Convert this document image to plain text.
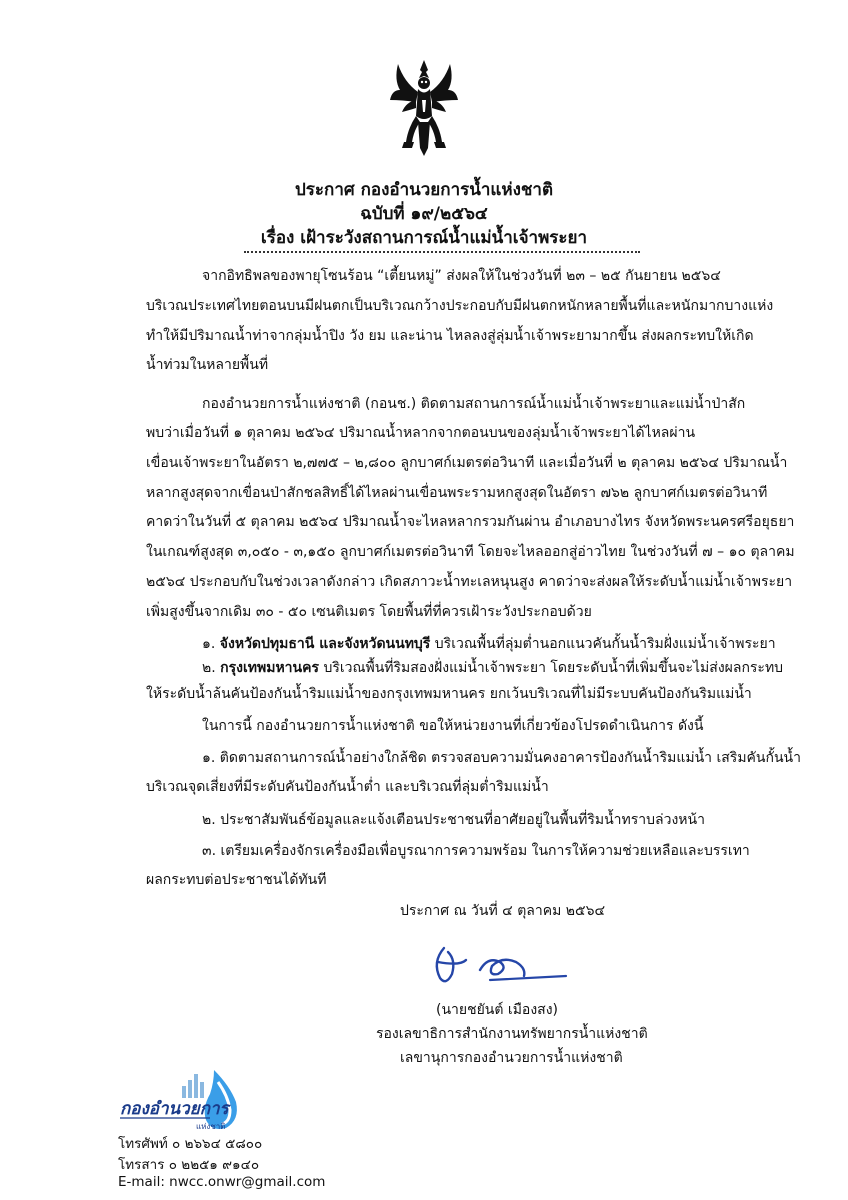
ประกาศ กองอำนวยการน้ำแห่งชาติ
ฉบับที่ ๑๙/๒๕๖๔
เรื่อง เฝ้าระวังสถานการณ์น้ำแม่น้ำเจ้าพระยา
จากอิทธิพลของพายุโซนร้อน “เตี้ยนหมู่” ส่งผลให้ในช่วงวันที่ ๒๓ – ๒๕ กันยายน ๒๕๖๔
บริเวณประเทศไทยตอนบนมีฝนตกเป็นบริเวณกว้างประกอบกับมีฝนตกหนักหลายพื้นที่และหนักมากบางแห่ง
ทำให้มีปริมาณน้ำท่าจากลุ่มน้ำปิง วัง ยม และน่าน ไหลลงสู่ลุ่มน้ำเจ้าพระยามากขึ้น ส่งผลกระทบให้เกิด
น้ำท่วมในหลายพื้นที่
กองอำนวยการน้ำแห่งชาติ (กอนช.) ติดตามสถานการณ์น้ำแม่น้ำเจ้าพระยาและแม่น้ำป่าสัก
พบว่าเมื่อวันที่ ๑ ตุลาคม ๒๕๖๔ ปริมาณน้ำหลากจากตอนบนของลุ่มน้ำเจ้าพระยาได้ไหลผ่าน
เขื่อนเจ้าพระยาในอัตรา ๒,๗๗๕ – ๒,๘๐๐ ลูกบาศก์เมตรต่อวินาที และเมื่อวันที่ ๒ ตุลาคม ๒๕๖๔ ปริมาณน้ำ
หลากสูงสุดจากเขื่อนป่าสักชลสิทธิ์ได้ไหลผ่านเขื่อนพระรามหกสูงสุดในอัตรา ๗๖๒ ลูกบาศก์เมตรต่อวินาที
คาดว่าในวันที่ ๕ ตุลาคม ๒๕๖๔ ปริมาณน้ำจะไหลหลากรวมกันผ่าน อำเภอบางไทร จังหวัดพระนครศรีอยุธยา
ในเกณฑ์สูงสุด ๓,๐๕๐ - ๓,๑๕๐ ลูกบาศก์เมตรต่อวินาที โดยจะไหลออกสู่อ่าวไทย ในช่วงวันที่ ๗ – ๑๐ ตุลาคม
๒๕๖๔ ประกอบกับในช่วงเวลาดังกล่าว เกิดสภาวะน้ำทะเลหนุนสูง คาดว่าจะส่งผลให้ระดับน้ำแม่น้ำเจ้าพระยา
เพิ่มสูงขึ้นจากเดิม ๓๐ - ๕๐ เซนติเมตร โดยพื้นที่ที่ควรเฝ้าระวังประกอบด้วย
๑. จังหวัดปทุมธานี และจังหวัดนนทบุรี บริเวณพื้นที่ลุ่มต่ำนอกแนวคันกั้นน้ำริมฝั่งแม่น้ำเจ้าพระยา
๒. กรุงเทพมหานคร บริเวณพื้นที่ริมสองฝั่งแม่น้ำเจ้าพระยา โดยระดับน้ำที่เพิ่มขึ้นจะไม่ส่งผลกระทบ
ให้ระดับน้ำล้นคันป้องกันน้ำริมแม่น้ำของกรุงเทพมหานคร ยกเว้นบริเวณที่ไม่มีระบบคันป้องกันริมแม่น้ำ
ในการนี้ กองอำนวยการน้ำแห่งชาติ ขอให้หน่วยงานที่เกี่ยวข้องโปรดดำเนินการ ดังนี้
๑. ติดตามสถานการณ์น้ำอย่างใกล้ชิด ตรวจสอบความมั่นคงอาคารป้องกันน้ำริมแม่น้ำ เสริมคันกั้นน้ำ
บริเวณจุดเสี่ยงที่มีระดับคันป้องกันน้ำต่ำ และบริเวณที่ลุ่มต่ำริมแม่น้ำ
๒. ประชาสัมพันธ์ข้อมูลและแจ้งเตือนประชาชนที่อาศัยอยู่ในพื้นที่ริมน้ำทราบล่วงหน้า
๓. เตรียมเครื่องจักรเครื่องมือเพื่อบูรณาการความพร้อม ในการให้ความช่วยเหลือและบรรเทา
ผลกระทบต่อประชาชนได้ทันที
ประกาศ ณ วันที่ ๔ ตุลาคม ๒๕๖๔
(นายชยันต์ เมืองสง)
รองเลขาธิการสำนักงานทรัพยากรน้ำแห่งชาติ
เลขานุการกองอำนวยการน้ำแห่งชาติ
กองอำนวยการ
แห่งชาติ
โทรศัพท์ ๐ ๒๖๖๔ ๕๘๐๐
โทรสาร ๐ ๒๒๕๑ ๙๑๔๐
E-mail: nwcc.onwr@gmail.com
